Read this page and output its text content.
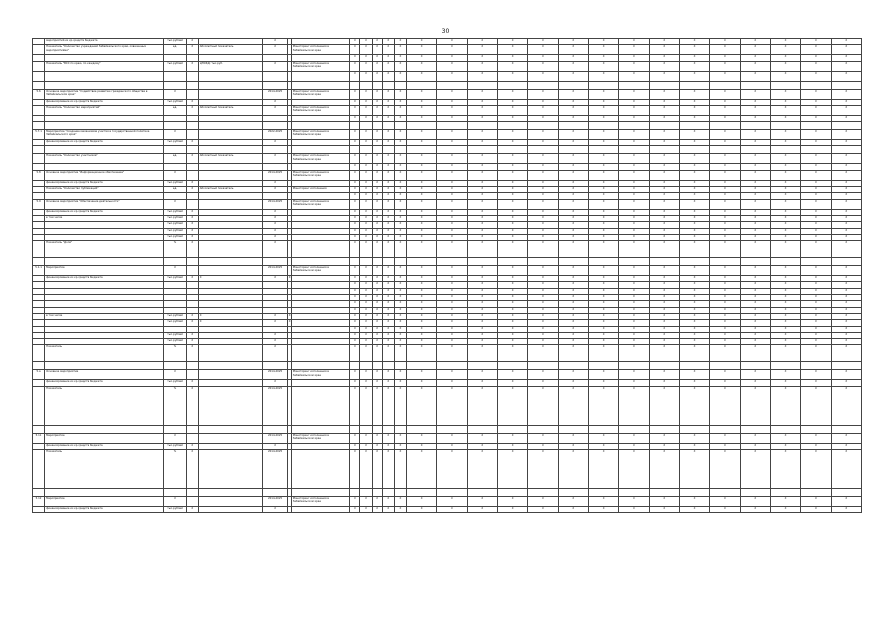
30
	мероприятий из кр.средств бюджета	тыс.рублей	Х		Х			Х	Х	Х	Х	Х	Х	Х	Х	Х	Х	Х	Х	Х	Х	Х	Х	Х	Х	Х	Х
	Показатель "Количество учреждений Забайкальского края, охваченных мероприятиями"	ед.	Х	Абсолютный показатель	Х		Мониторинг исполнения в Забайкальском крае	Х	Х	Х	Х	Х	Х	Х	Х	Х	Х	Х	Х	Х	Х	Х	Х	Х	Х	Х	Х
								Х	Х	Х	Х	Х	Х	Х	Х	Х	Х	Х	Х	Х	Х	Х	Х	Х	Х	Х	Х
	Показатель "ВСС по краю, по каждому"	тыс.рублей	Х	ЦПОКД; тыс.руб.	Х		Мониторинг исполнения в Забайкальском крае	Х	Х	Х	Х	Х	Х	Х	Х	Х	Х	Х	Х	Х	Х	Х	Х	Х	Х	Х	Х
								Х	Х	Х	Х	Х	Х	Х	Х	Х	Х	Х	Х	Х	Х	Х	Х	Х	Х	Х	Х

5.6	Основное мероприятие "Содействие развитию гражданского общества в Забайкальском крае"	Х			2014-2025		Мониторинг исполнения в Забайкальском крае	Х	Х	Х	Х	Х	Х	Х	Х	Х	Х	Х	Х	Х	Х	Х	Х	Х	Х	Х	Х
	финансирование из кр.средств бюджета	тыс.рублей	Х		Х			Х	Х	Х	Х	Х	Х	Х	Х	Х	Х	Х	Х	Х	Х	Х	Х	Х	Х	Х	Х
	Показатель "Количество мероприятий"	ед.	Х	Абсолютный показатель	Х		Мониторинг исполнения в Забайкальском крае	Х	Х	Х	Х	Х	Х	Х	Х	Х	Х	Х	Х	Х	Х	Х	Х	Х	Х	Х	Х
								Х	Х	Х	Х	Х	Х	Х	Х	Х	Х	Х	Х	Х	Х	Х	Х	Х	Х	Х	Х

5.7.1	Мероприятие "Создание механизмов участия в государственной политике Забайкальского края"	Х			2022-2025		Мониторинг исполнения в Забайкальском крае	Х	Х	Х	Х	Х	Х	Х	Х	Х	Х	Х	Х	Х	Х	Х	Х	Х	Х	Х	Х
	финансирование из кр.средств бюджета	тыс.рублей	Х		Х			Х	Х	Х	Х	Х	Х	Х	Х	Х	Х	Х	Х	Х	Х	Х	Х	Х	Х	Х	Х

	Показатель "Количество участников"	ед.	Х	Абсолютный показатель	Х		Мониторинг исполнения в Забайкальском крае	Х	Х	Х	Х	Х	Х	Х	Х	Х	Х	Х	Х	Х	Х	Х	Х	Х	Х	Х	Х
								Х	Х	Х	Х	Х	Х	Х	Х	Х	Х	Х	Х	Х	Х	Х	Х	Х	Х	Х	Х
5.8	Основное мероприятие "Информационное обеспечение"	Х			2014-2025		Мониторинг исполнения в Забайкальском крае	Х	Х	Х	Х	Х	Х	Х	Х	Х	Х	Х	Х	Х	Х	Х	Х	Х	Х	Х	Х
	финансирование из кр.средств бюджета	тыс.рублей	Х		Х			Х	Х	Х	Х	Х	Х	Х	Х	Х	Х	Х	Х	Х	Х	Х	Х	Х	Х	Х	Х
	Показатель "Количество публикаций"	ед.	Х	Абсолютный показатель	Х		Мониторинг исполнения	Х	Х	Х	Х	Х	Х	Х	Х	Х	Х	Х	Х	Х	Х	Х	Х	Х	Х	Х	Х
								Х	Х	Х	Х	Х	Х	Х	Х	Х	Х	Х	Х	Х	Х	Х	Х	Х	Х	Х	Х
5.9	Основное мероприятие "Обеспечение деятельности"	Х			2014-2025		Мониторинг исполнения в Забайкальском крае	Х	Х	Х	Х	Х	Х	Х	Х	Х	Х	Х	Х	Х	Х	Х	Х	Х	Х	Х	Х
	финансирование из кр.средств бюджета	тыс.рублей	Х		Х			Х	Х	Х	Х	Х	Х	Х	Х	Х	Х	Х	Х	Х	Х	Х	Х	Х	Х	Х	Х
	в том числе	тыс.рублей	Х		Х			Х	Х	Х	Х	Х	Х	Х	Х	Х	Х	Х	Х	Х	Х	Х	Х	Х	Х	Х	Х
		тыс.рублей	Х		Х			Х	Х	Х	Х	Х	Х	Х	Х	Х	Х	Х	Х	Х	Х	Х	Х	Х	Х	Х	Х
		тыс.рублей	Х		Х			Х	Х	Х	Х	Х	Х	Х	Х	Х	Х	Х	Х	Х	Х	Х	Х	Х	Х	Х	Х
		тыс.рублей	Х		Х			Х	Х	Х	Х	Х	Х	Х	Х	Х	Х	Х	Х	Х	Х	Х	Х	Х	Х	Х	Х
	Показатель "Доля"	%	Х		Х			Х	Х	Х	Х	Х	Х	Х	Х	Х	Х	Х	Х	Х	Х	Х	Х	Х	Х	Х	Х

5.1.1	Мероприятие	Х			2014-2025		Мониторинг исполнения в Забайкальском крае	Х	Х	Х	Х	Х	Х	Х	Х	Х	Х	Х	Х	Х	Х	Х	Х	Х	Х	Х	Х
	финансирование из кр.средств бюджета	тыс.рублей	Х	Х	Х	Х		Х	Х	Х	Х	Х	Х	Х	Х	Х	Х	Х	Х	Х	Х	Х	Х	Х	Х	Х	Х
								Х	Х	Х	Х	Х	Х	Х	Х	Х	Х	Х	Х	Х	Х	Х	Х	Х	Х	Х	Х
								Х	Х	Х	Х	Х	Х	Х	Х	Х	Х	Х	Х	Х	Х	Х	Х	Х	Х	Х	Х
								Х	Х	Х	Х	Х	Х	Х	Х	Х	Х	Х	Х	Х	Х	Х	Х	Х	Х	Х	Х
								Х	Х	Х	Х	Х	Х	Х	Х	Х	Х	Х	Х	Х	Х	Х	Х	Х	Х	Х	Х
								Х	Х	Х	Х	Х	Х	Х	Х	Х	Х	Х	Х	Х	Х	Х	Х	Х	Х	Х	Х
	в том числе	тыс.рублей	Х	Х	Х	Х		Х	Х	Х	Х	Х	Х	Х	Х	Х	Х	Х	Х	Х	Х	Х	Х	Х	Х	Х	Х
		тыс.рублей	Х	Х	Х	Х		Х	Х	Х	Х	Х	Х	Х	Х	Х	Х	Х	Х	Х	Х	Х	Х	Х	Х	Х	Х
								Х	Х	Х	Х	Х	Х	Х	Х	Х	Х	Х	Х	Х	Х	Х	Х	Х	Х	Х	Х
		тыс.рублей	Х		Х			Х	Х	Х	Х	Х	Х	Х	Х	Х	Х	Х	Х	Х	Х	Х	Х	Х	Х	Х	Х
		тыс.рублей	Х		Х			Х	Х	Х	Х	Х	Х	Х	Х	Х	Х	Х	Х	Х	Х	Х	Х	Х	Х	Х	Х
	Показатель	%	Х		Х			Х	Х	Х	Х	Х	Х	Х	Х	Х	Х	Х	Х	Х	Х	Х	Х	Х	Х	Х	Х

5.a	Основное мероприятие	Х			2014-2025		Мониторинг исполнения в Забайкальском крае	Х	Х	Х	Х	Х	Х	Х	Х	Х	Х	Х	Х	Х	Х	Х	Х	Х	Х	Х	Х
	финансирование из кр.средств бюджета	тыс.рублей	Х		Х			Х	Х	Х	Х	Х	Х	Х	Х	Х	Х	Х	Х	Х	Х	Х	Х	Х	Х	Х	Х
	Показатель	%	Х		2014-2025			Х	Х	Х	Х	Х	Х	Х	Х	Х	Х	Х	Х	Х	Х	Х	Х	Х	Х	Х	Х

5.11	Мероприятие	Х			2014-2025		Мониторинг исполнения в Забайкальском крае	Х	Х	Х	Х	Х	Х	Х	Х	Х	Х	Х	Х	Х	Х	Х	Х	Х	Х	Х	Х
	финансирование из кр.средств бюджета	тыс.рублей	Х		Х			Х	Х	Х	Х	Х	Х	Х	Х	Х	Х	Х	Х	Х	Х	Х	Х	Х	Х	Х	Х
	Показатель	%	Х		2014-2025			Х	Х	Х	Х	Х	Х	Х	Х	Х	Х	Х	Х	Х	Х	Х	Х	Х	Х	Х	Х

5.12	Мероприятие	Х			2014-2025		Мониторинг исполнения в Забайкальском крае	Х	Х	Х	Х	Х	Х	Х	Х	Х	Х	Х	Х	Х	Х	Х	Х	Х	Х	Х	Х
	финансирование из кр.средств бюджета	тыс.рублей	Х		Х			Х	Х	Х	Х	Х	Х	Х	Х	Х	Х	Х	Х	Х	Х	Х	Х	Х	Х	Х	Х
